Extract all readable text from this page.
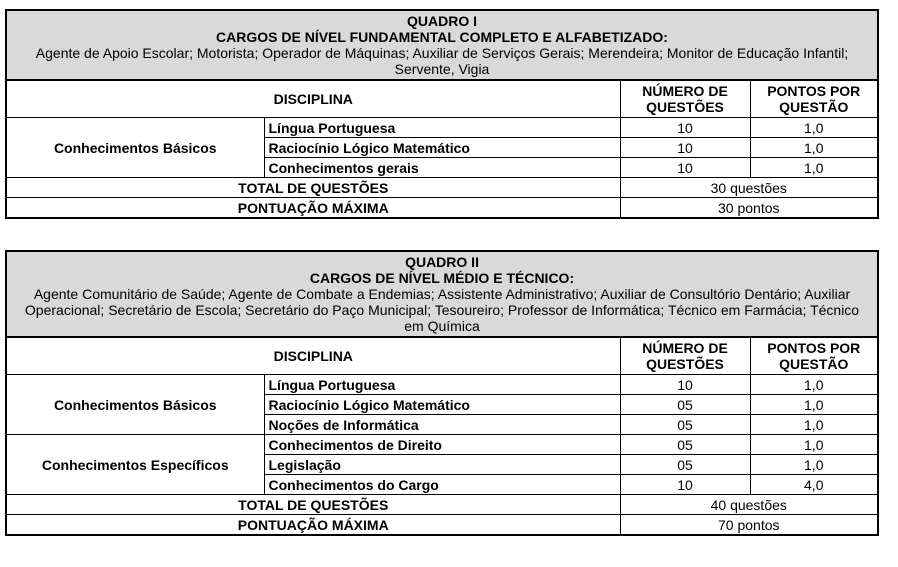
QUADRO I
CARGOS DE NÍVEL FUNDAMENTAL COMPLETO E ALFABETIZADO:
Agente de Apoio Escolar; Motorista; Operador de Máquinas; Auxiliar de Serviços Gerais; Merendeira; Monitor de Educação Infantil; Servente, Vigia			

DISCIPLINA		NÚMERO DE QUESTÕES	PONTOS POR QUESTÃO
Conhecimentos Básicos	Língua Portuguesa	10	1,0
	Raciocínio Lógico Matemático	10	1,0
	Conhecimentos gerais	10	1,0
TOTAL DE QUESTÕES		30 questões	
PONTUAÇÃO MÁXIMA		30 pontos	
QUADRO II
CARGOS DE NÍVEL MÉDIO E TÉCNICO:
Agente Comunitário de Saúde; Agente de Combate a Endemias; Assistente Administrativo; Auxiliar de Consultório Dentário; Auxiliar Operacional; Secretário de Escola; Secretário do Paço Municipal; Tesoureiro; Professor de Informática; Técnico em Farmácia; Técnico em Química			

DISCIPLINA		NÚMERO DE QUESTÕES	PONTOS POR QUESTÃO
Conhecimentos Básicos	Língua Portuguesa	10	1,0
	Raciocínio Lógico Matemático	05	1,0
	Noções de Informática	05	1,0
Conhecimentos Específicos	Conhecimentos de Direito	05	1,0
	Legislação	05	1,0
	Conhecimentos do Cargo	10	4,0
TOTAL DE QUESTÕES		40 questões	
PONTUAÇÃO MÁXIMA		70 pontos	
